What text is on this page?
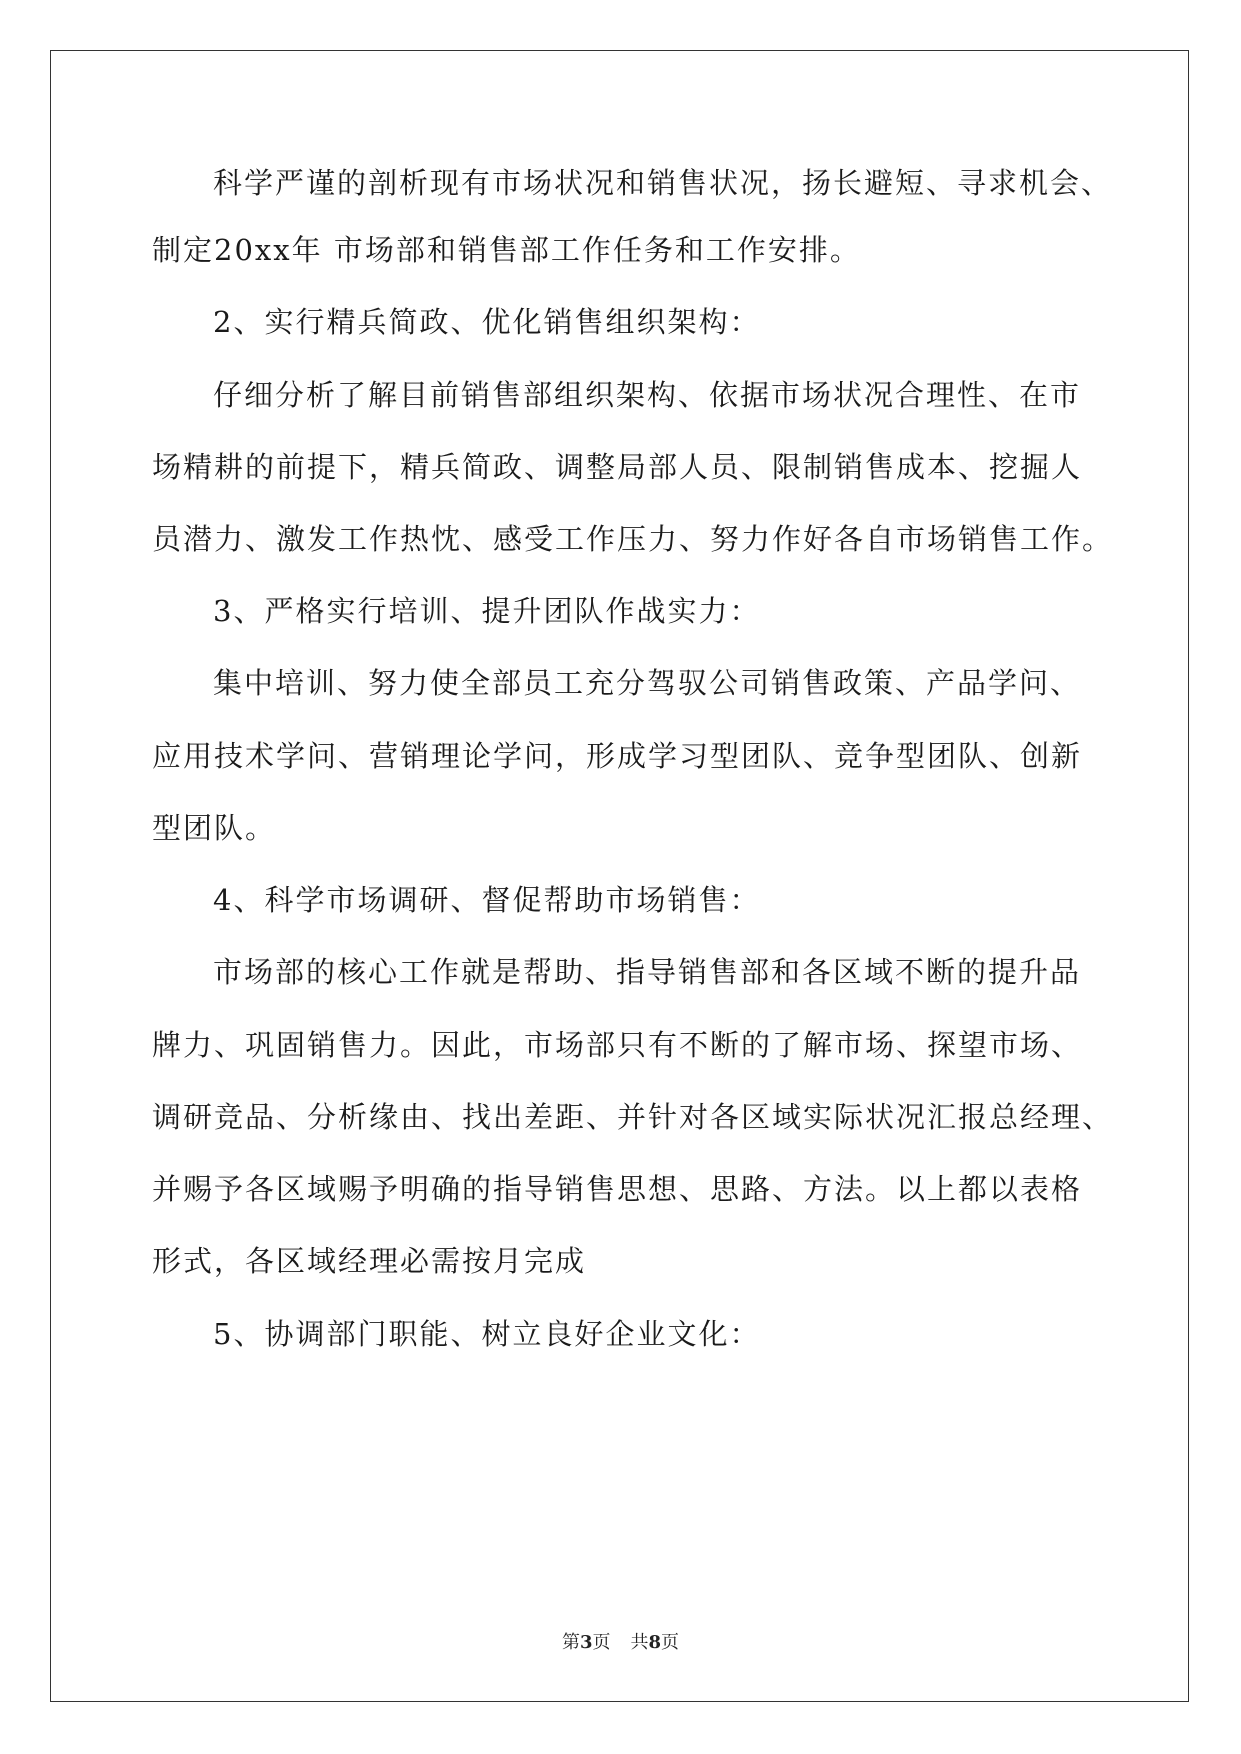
科学严谨的剖析现有市场状况和销售状况，扬长避短、寻求机会、
制定20xx年 市场部和销售部工作任务和工作安排。
2、实行精兵简政、优化销售组织架构：
仔细分析了解目前销售部组织架构、依据市场状况合理性、在市
场精耕的前提下，精兵简政、调整局部人员、限制销售成本、挖掘人
员潜力、激发工作热忱、感受工作压力、努力作好各自市场销售工作。
3、严格实行培训、提升团队作战实力：
集中培训、努力使全部员工充分驾驭公司销售政策、产品学问、
应用技术学问、营销理论学问，形成学习型团队、竞争型团队、创新
型团队。
4、科学市场调研、督促帮助市场销售：
市场部的核心工作就是帮助、指导销售部和各区域不断的提升品
牌力、巩固销售力。因此，市场部只有不断的了解市场、探望市场、
调研竞品、分析缘由、找出差距、并针对各区域实际状况汇报总经理、
并赐予各区域赐予明确的指导销售思想、思路、方法。以上都以表格
形式，各区域经理必需按月完成
5、协调部门职能、树立良好企业文化：
第3页 共8页
